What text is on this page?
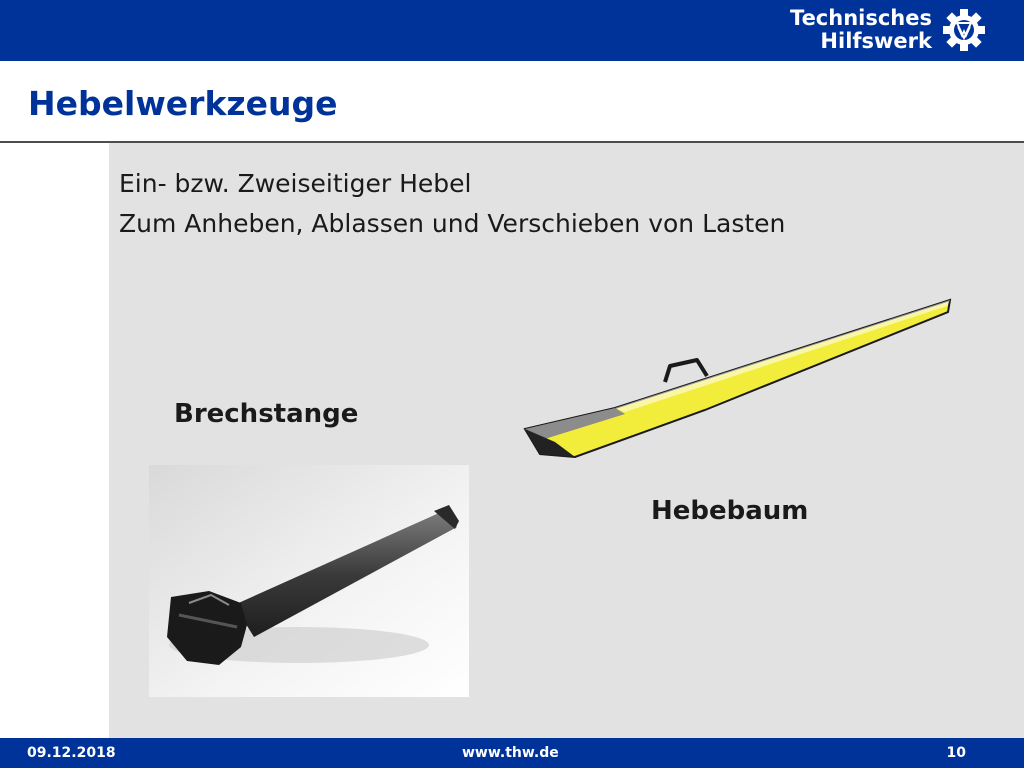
Technisches
Hilfswerk
Hebelwerkzeuge
Ein- bzw. Zweiseitiger Hebel
Zum Anheben, Ablassen und Verschieben von Lasten
Brechstange
Hebebaum
09.12.2018	www.thw.de	10
